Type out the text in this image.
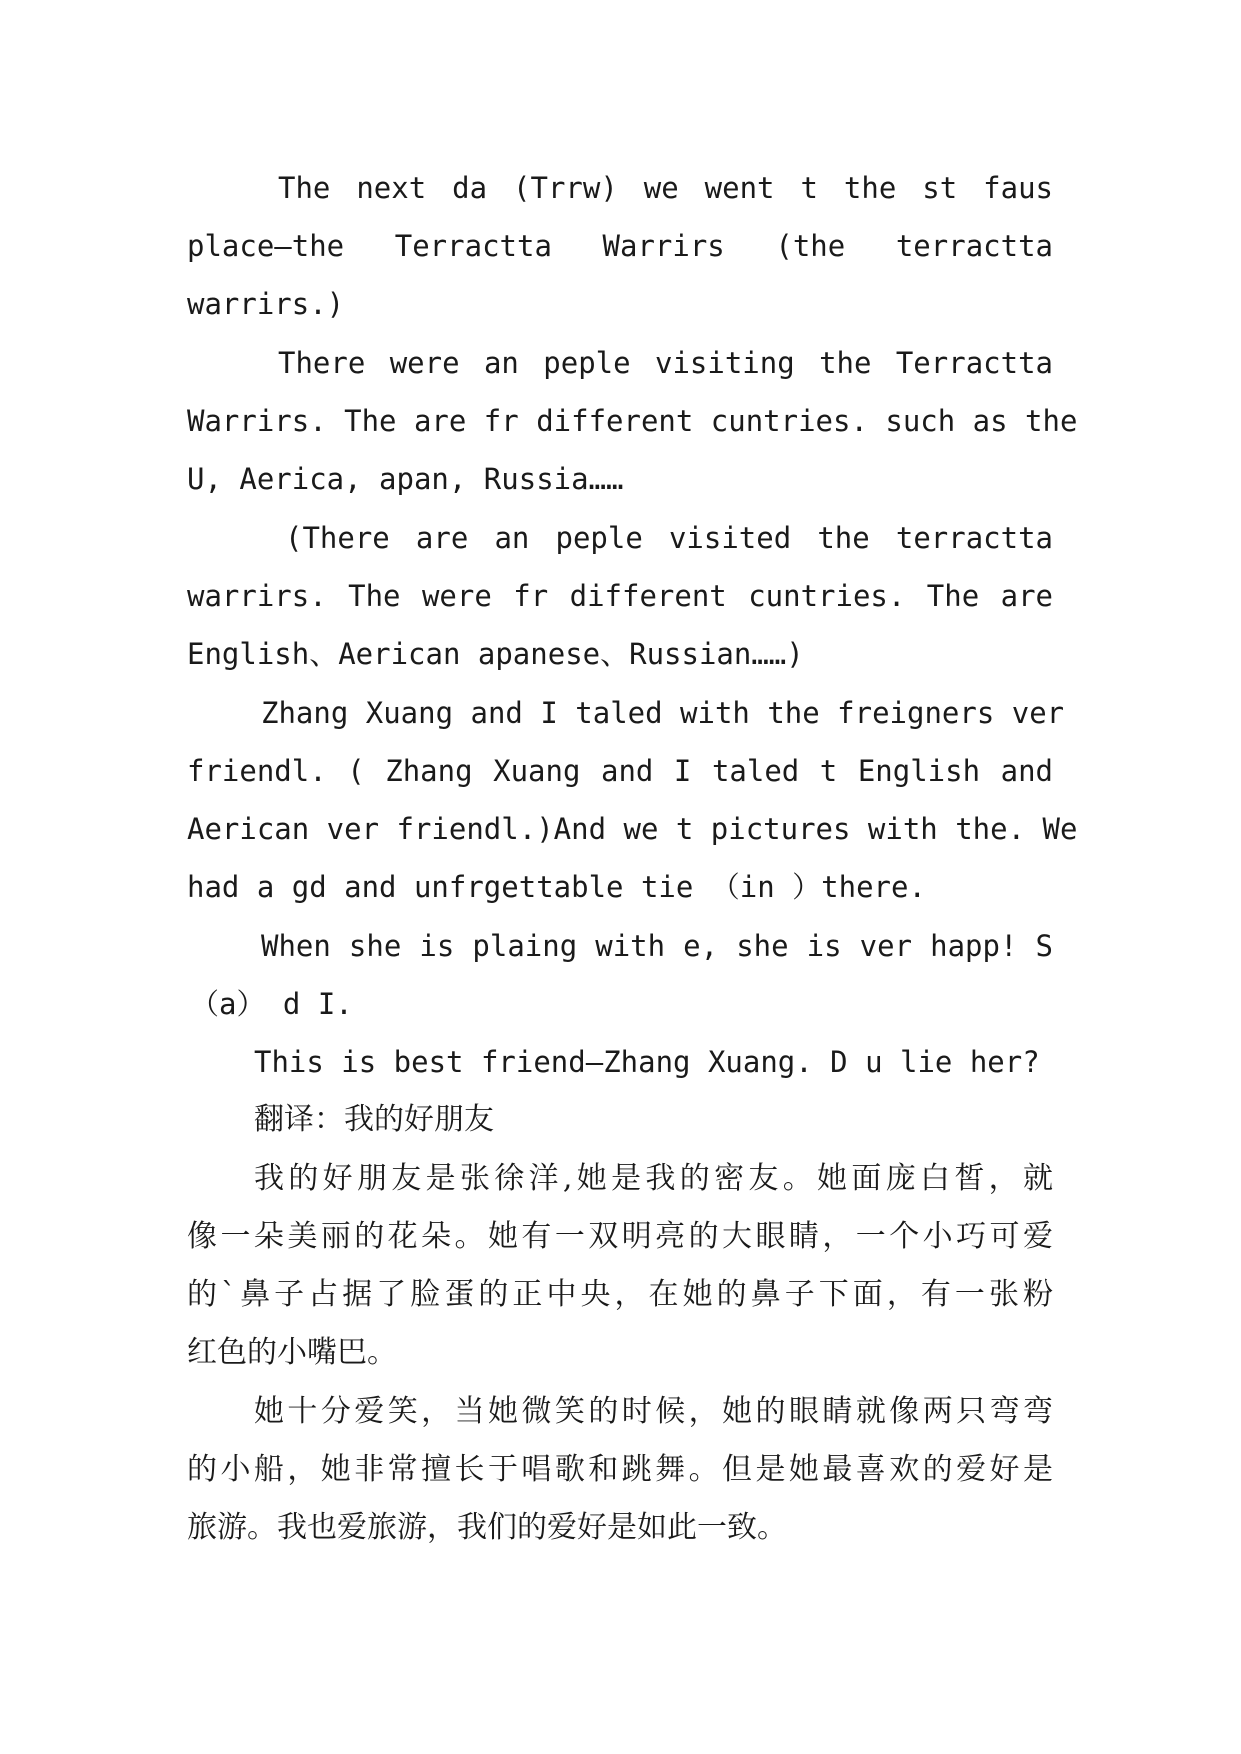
The next da (Trrw) we went t the st faus

place—the Terractta Warrirs (the terractta

warrirs.)

There were an peple visiting the Terractta

Warrirs. The are fr different cuntries. such as the

U, Aerica, apan, Russia……

(There are an peple visited the terractta

warrirs. The were fr different cuntries. The are

English、Aerican apanese、Russian……)

Zhang Xuang and I taled with the freigners ver

friendl. ( Zhang Xuang and I taled t English and

Aerican ver friendl.)And we t pictures with the. We

had a gd and unfrgettable tie （in ）there.

When she is plaing with e, she is ver happ! S

（a） d I.

This is best friend—Zhang Xuang. D u lie her?

翻译：我的好朋友

我的好朋友是张徐洋,她是我的密友。她面庞白皙，就

像一朵美丽的花朵。她有一双明亮的大眼睛，一个小巧可爱

的`鼻子占据了脸蛋的正中央，在她的鼻子下面，有一张粉

红色的小嘴巴。

她十分爱笑，当她微笑的时候，她的眼睛就像两只弯弯

的小船，她非常擅长于唱歌和跳舞。但是她最喜欢的爱好是

旅游。我也爱旅游，我们的爱好是如此一致。
